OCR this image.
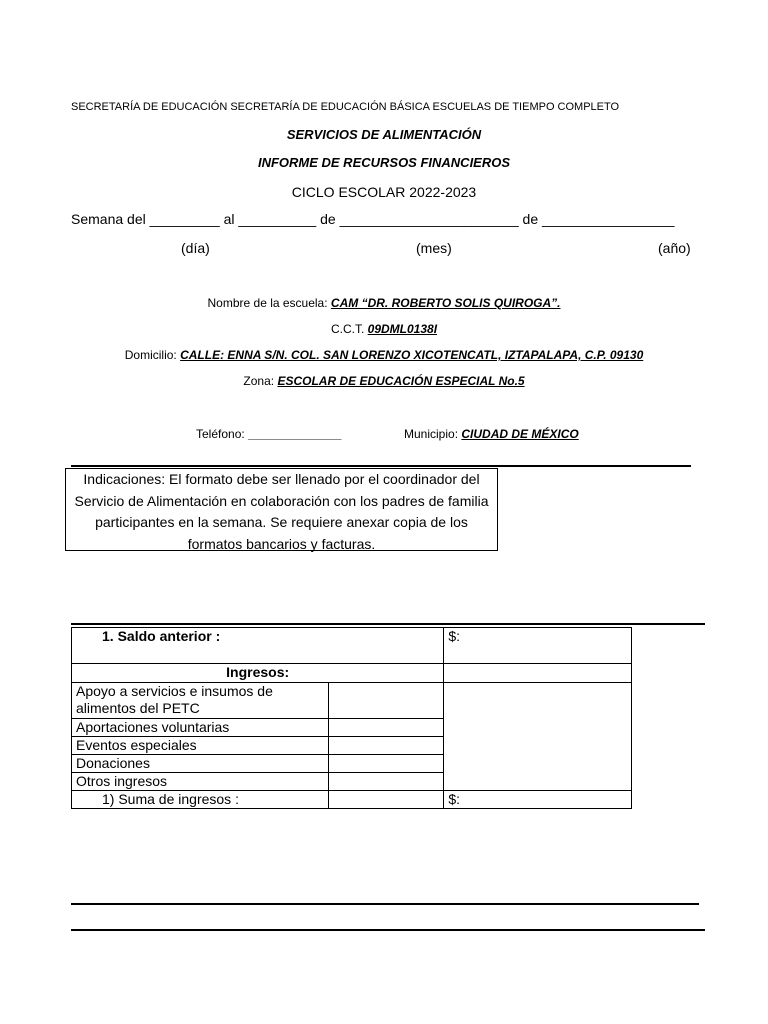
SECRETARÍA DE EDUCACIÓN SECRETARÍA DE EDUCACIÓN BÁSICA ESCUELAS DE TIEMPO COMPLETO
SERVICIOS DE ALIMENTACIÓN
INFORME DE RECURSOS FINANCIEROS
CICLO ESCOLAR 2022-2023
Semana del _________ al __________ de _______________________ de _________________
(día)	(mes)	(año)
Nombre de la escuela: CAM “DR. ROBERTO SOLIS QUIROGA”.
C.C.T. 09DML0138I
Domicilio: CALLE: ENNA S/N. COL. SAN LORENZO XICOTENCATL, IZTAPALAPA, C.P. 09130
Zona: ESCOLAR DE EDUCACIÓN ESPECIAL No.5
Teléfono: ______________	Municipio: CIUDAD DE MÉXICO
Indicaciones: El formato debe ser llenado por el coordinador del Servicio de Alimentación en colaboración con los padres de familia participantes en la semana. Se requiere anexar copia de los formatos bancarios y facturas.
1. Saldo anterior :		$:
Ingresos:		
Apoyo a servicios e insumos de alimentos del PETC		
Aportaciones voluntarias		
Eventos especiales		
Donaciones		
Otros ingresos		
1) Suma de ingresos :		$:
